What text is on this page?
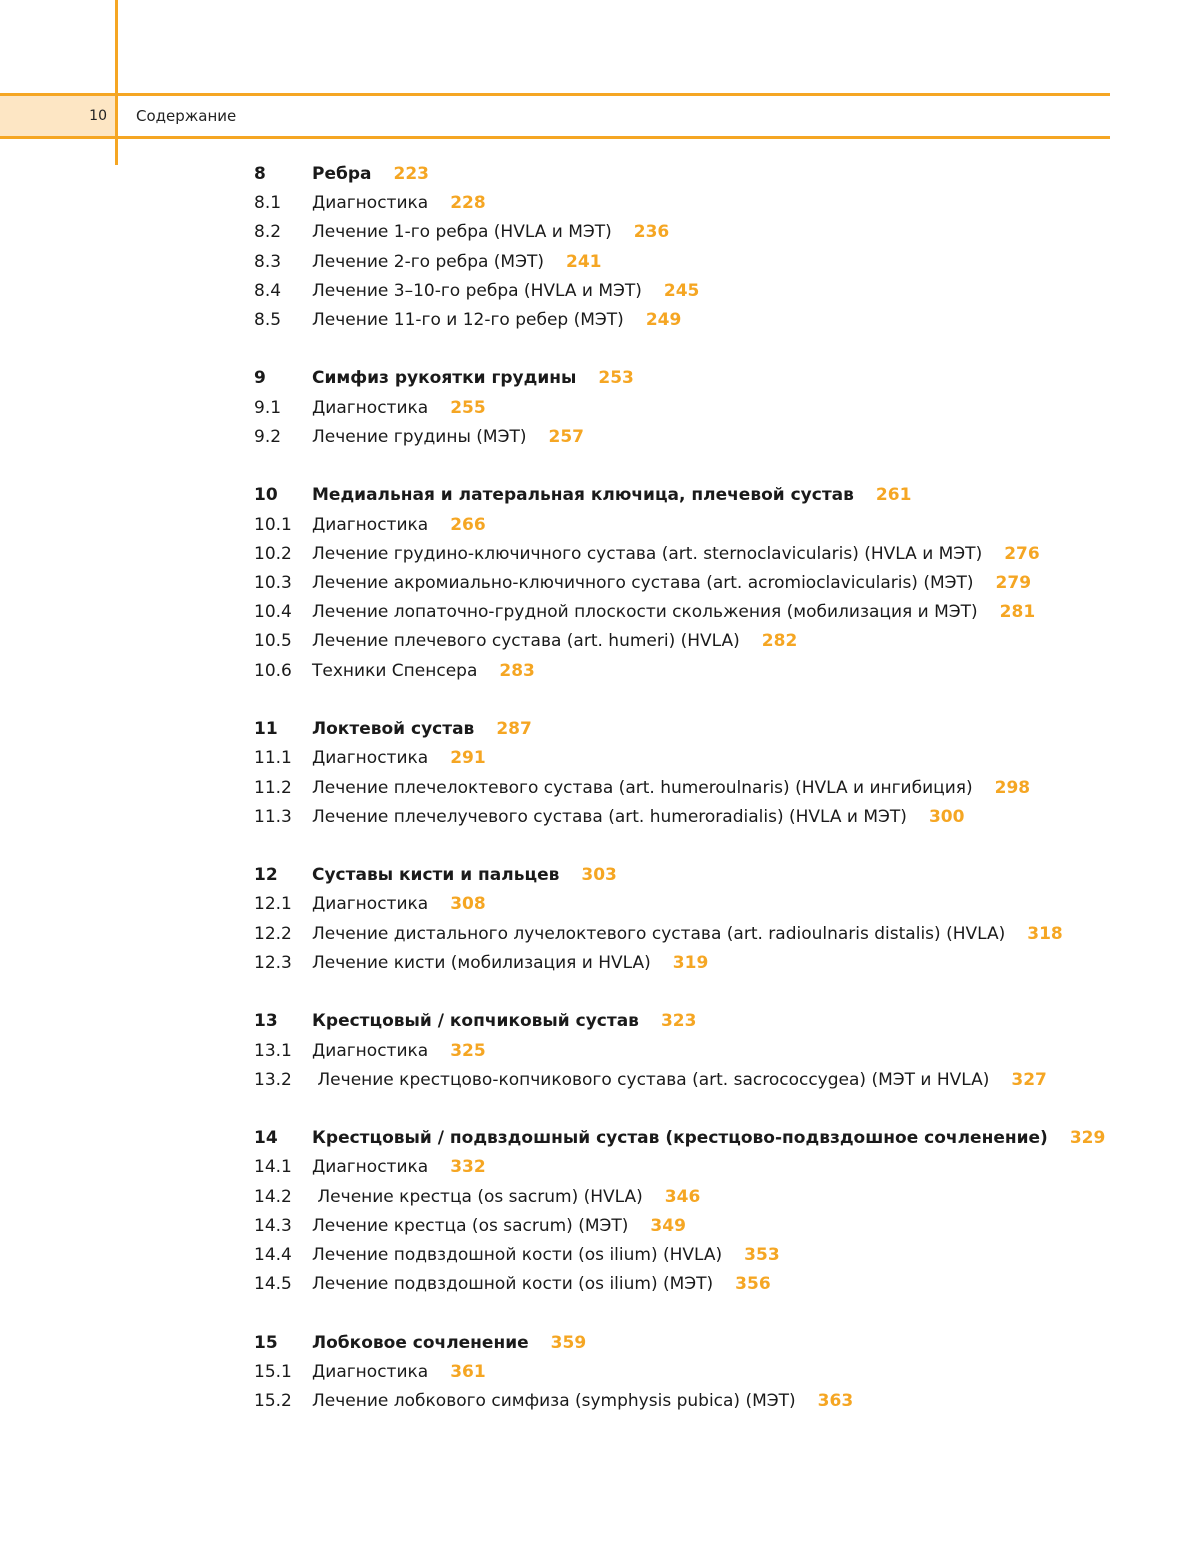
10 Содержание
8	Ребра 223
8.1 Диагностика 228
8.2 Лечение 1-го ребра (HVLA и МЭТ) 236
8.3 Лечение 2-го ребра (МЭТ) 241
8.4 Лечение 3–10-го ребра (HVLA и МЭТ) 245
8.5 Лечение 11-го и 12-го ребер (МЭТ) 249
9	Симфиз рукоятки грудины 253
9.1 Диагностика 255
9.2 Лечение грудины (МЭТ) 257
10 Медиальная и латеральная ключица, плечевой сустав 261
10.1 Диагностика 266
10.2 Лечение грудино-ключичного сустава (art. sternoclavicularis) (HVLA и МЭТ) 276
10.3 Лечение акромиально-ключичного сустава (art. acromioclavicularis) (МЭТ) 279
10.4 Лечение лопаточно-грудной плоскости скольжения (мобилизация и МЭТ) 281
10.5 Лечение плечевого сустава (art. humeri) (HVLA) 282
10.6 Техники Спенсера 283
11 Локтевой сустав 287
11.1 Диагностика 291
11.2 Лечение плечелоктевого сустава (art. humeroulnaris) (HVLA и ингибиция) 298
11.3 Лечение плечелучевого сустава (art. humeroradialis) (HVLA и МЭТ) 300
12 Суставы кисти и пальцев 303
12.1 Диагностика 308
12.2 Лечение дистального лучелоктевого сустава (art. radioulnaris distalis) (HVLA) 318
12.3 Лечение кисти (мобилизация и HVLA) 319
13 Крестцовый / копчиковый сустав 323
13.1 Диагностика 325
13.2 Лечение крестцово-копчикового сустава (art. sacrococcygea) (МЭТ и HVLA) 327
14 Крестцовый / подвздошный сустав (крестцово-подвздошное сочленение) 329
14.1 Диагностика 332
14.2 Лечение крестца (os sacrum) (HVLA) 346
14.3 Лечение крестца (os sacrum) (МЭТ) 349
14.4 Лечение подвздошной кости (os ilium) (HVLA) 353
14.5 Лечение подвздошной кости (os ilium) (МЭТ) 356
15 Лобковое сочленение 359
15.1 Диагностика 361
15.2 Лечение лобкового симфиза (symphysis pubica) (МЭТ) 363
